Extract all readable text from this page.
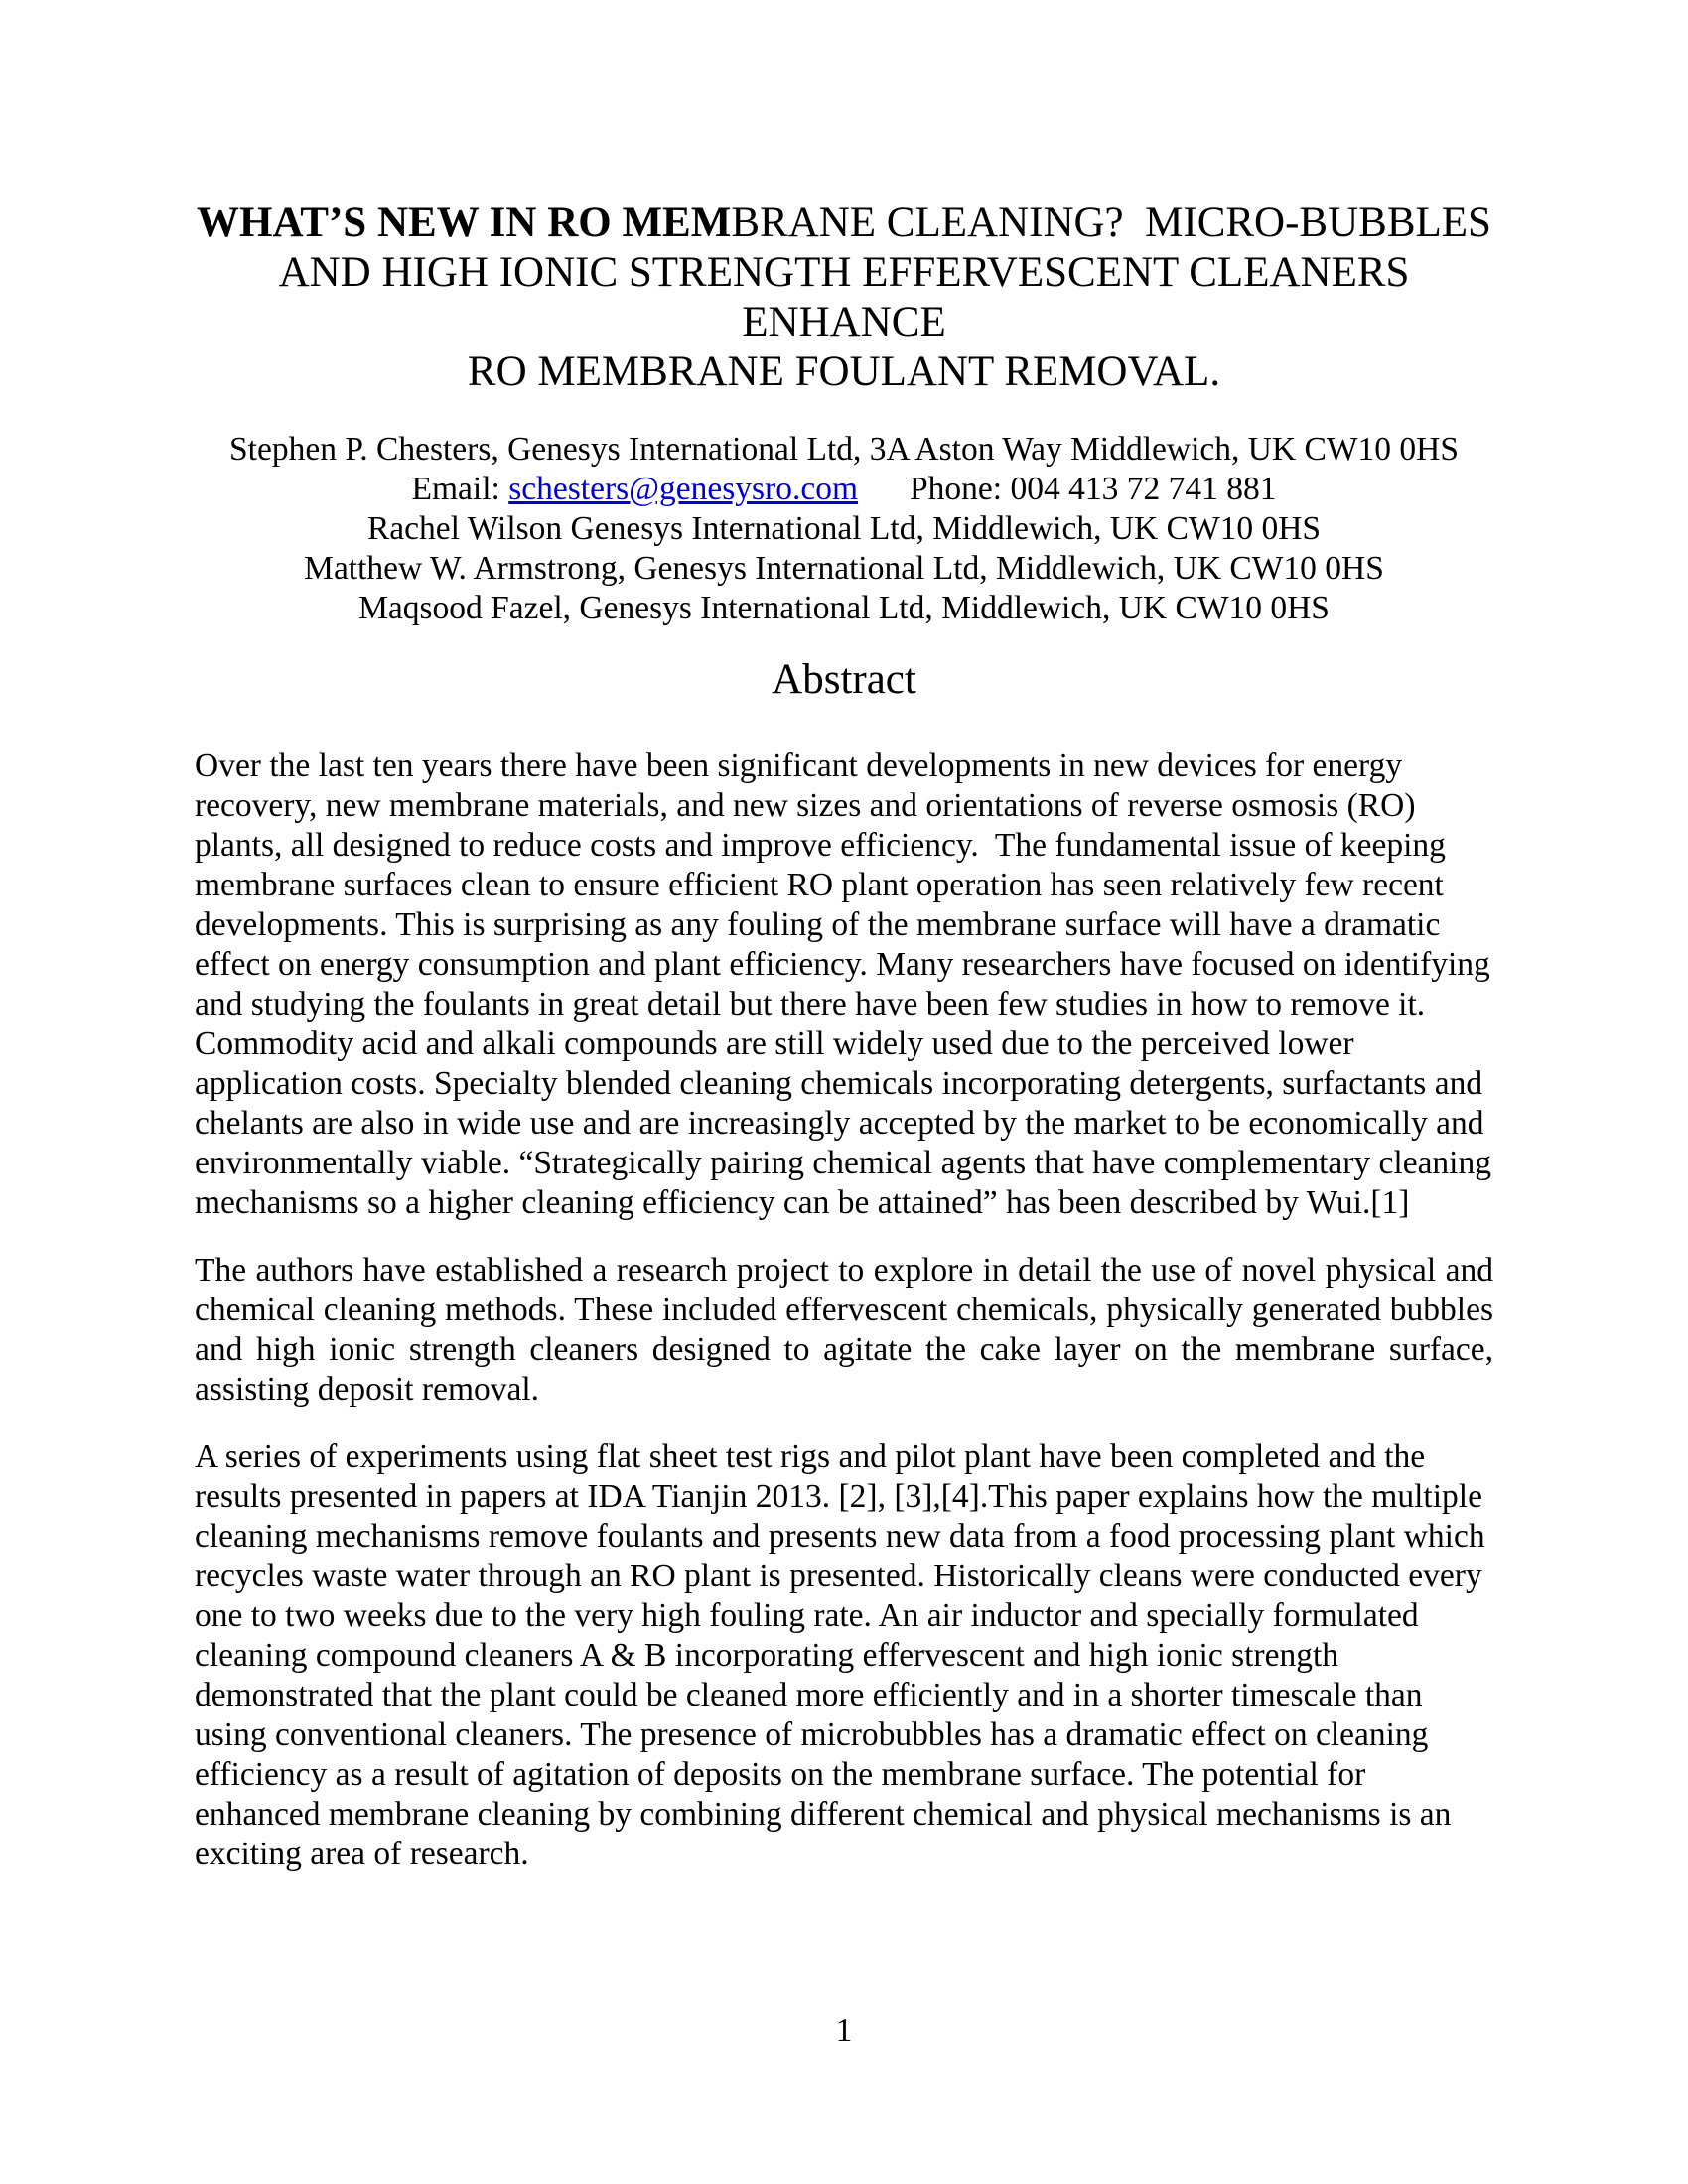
WHAT’S NEW IN RO MEMBRANE CLEANING?  MICRO-BUBBLES
AND HIGH IONIC STRENGTH EFFERVESCENT CLEANERS ENHANCE
RO MEMBRANE FOULANT REMOVAL.
Stephen P. Chesters, Genesys International Ltd, 3A Aston Way Middlewich, UK CW10 0HS
Email: schesters@genesysro.com Phone: 004 413 72 741 881
Rachel Wilson Genesys International Ltd, Middlewich, UK CW10 0HS
Matthew W. Armstrong, Genesys International Ltd, Middlewich, UK CW10 0HS
Maqsood Fazel, Genesys International Ltd, Middlewich, UK CW10 0HS
Abstract

Over the last ten years there have been significant developments in new devices for energy recovery, new membrane materials, and new sizes and orientations of reverse osmosis (RO) plants, all designed to reduce costs and improve efficiency.  The fundamental issue of keeping membrane surfaces clean to ensure efficient RO plant operation has seen relatively few recent developments. This is surprising as any fouling of the membrane surface will have a dramatic effect on energy consumption and plant efficiency. Many researchers have focused on identifying and studying the foulants in great detail but there have been few studies in how to remove it. Commodity acid and alkali compounds are still widely used due to the perceived lower application costs. Specialty blended cleaning chemicals incorporating detergents, surfactants and chelants are also in wide use and are increasingly accepted by the market to be economically and environmentally viable. “Strategically pairing chemical agents that have complementary cleaning mechanisms so a higher cleaning efficiency can be attained” has been described by Wui.[1]

The authors have established a research project to explore in detail the use of novel physical and chemical cleaning methods. These included effervescent chemicals, physically generated bubbles and high ionic strength cleaners designed to agitate the cake layer on the membrane surface, assisting deposit removal.

A series of experiments using flat sheet test rigs and pilot plant have been completed and the results presented in papers at IDA Tianjin 2013. [2], [3],[4].This paper explains how the multiple cleaning mechanisms remove foulants and presents new data from a food processing plant which recycles waste water through an RO plant is presented. Historically cleans were conducted every one to two weeks due to the very high fouling rate. An air inductor and specially formulated cleaning compound cleaners A & B incorporating effervescent and high ionic strength demonstrated that the plant could be cleaned more efficiently and in a shorter timescale than using conventional cleaners. The presence of microbubbles has a dramatic effect on cleaning efficiency as a result of agitation of deposits on the membrane surface. The potential for enhanced membrane cleaning by combining different chemical and physical mechanisms is an exciting area of research.

1
